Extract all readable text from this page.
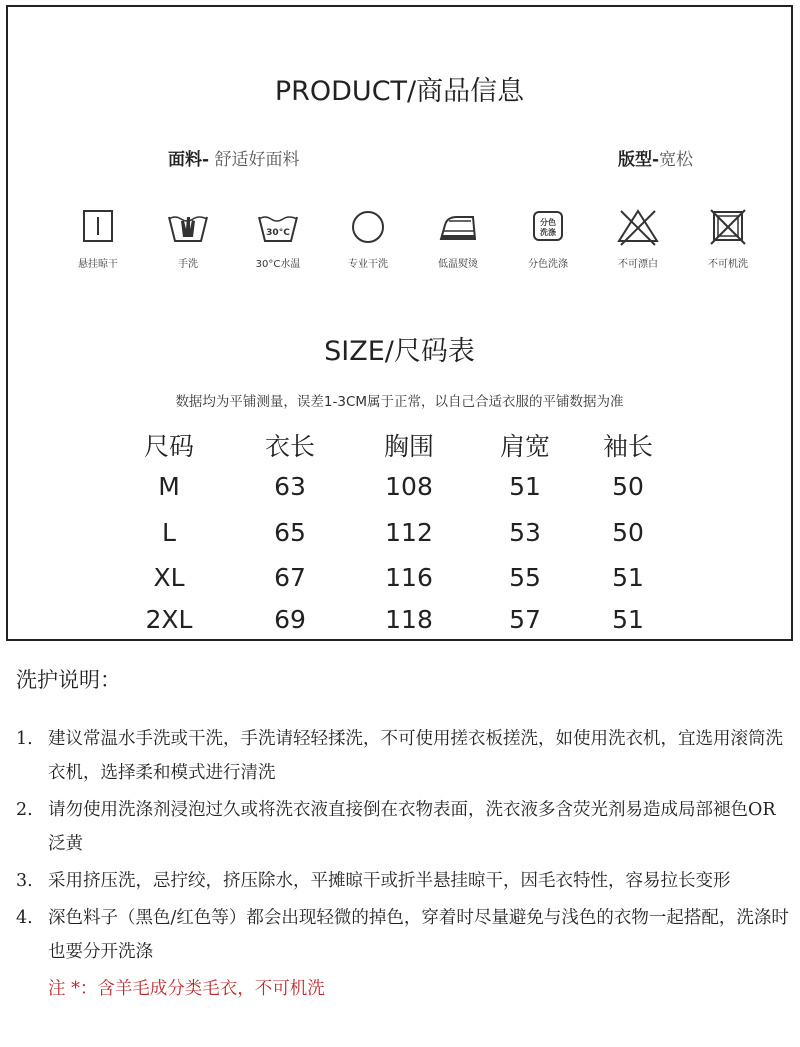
PRODUCT/商品信息
面料- 舒适好面料	版型-宽松
悬挂晾干	手洗
30°C
30°C水温	专业干洗	低温熨烫
分色
洗涤
分色洗涤	不可漂白	不可机洗
SIZE/尺码表
数据均为平铺测量，误差1-3CM属于正常，以自己合适衣服的平铺数据为准
尺码	衣长	胸围	肩宽	袖长
M	63	108	51	50
L	65	112	53	50
XL	67	116	55	51
2XL	69	118	57	51
洗护说明：
1. 建议常温水手洗或干洗，手洗请轻轻揉洗，不可使用搓衣板搓洗，如使用洗衣机，宜选用滚筒洗衣机，选择柔和模式进行清洗
2. 请勿使用洗涤剂浸泡过久或将洗衣液直接倒在衣物表面，洗衣液多含荧光剂易造成局部褪色OR泛黄
3. 采用挤压洗，忌拧绞，挤压除水，平摊晾干或折半悬挂晾干，因毛衣特性，容易拉长变形
4. 深色料子（黑色/红色等）都会出现轻微的掉色，穿着时尽量避免与浅色的衣物一起搭配，洗涤时也要分开洗涤
注 *：含羊毛成分类毛衣，不可机洗
